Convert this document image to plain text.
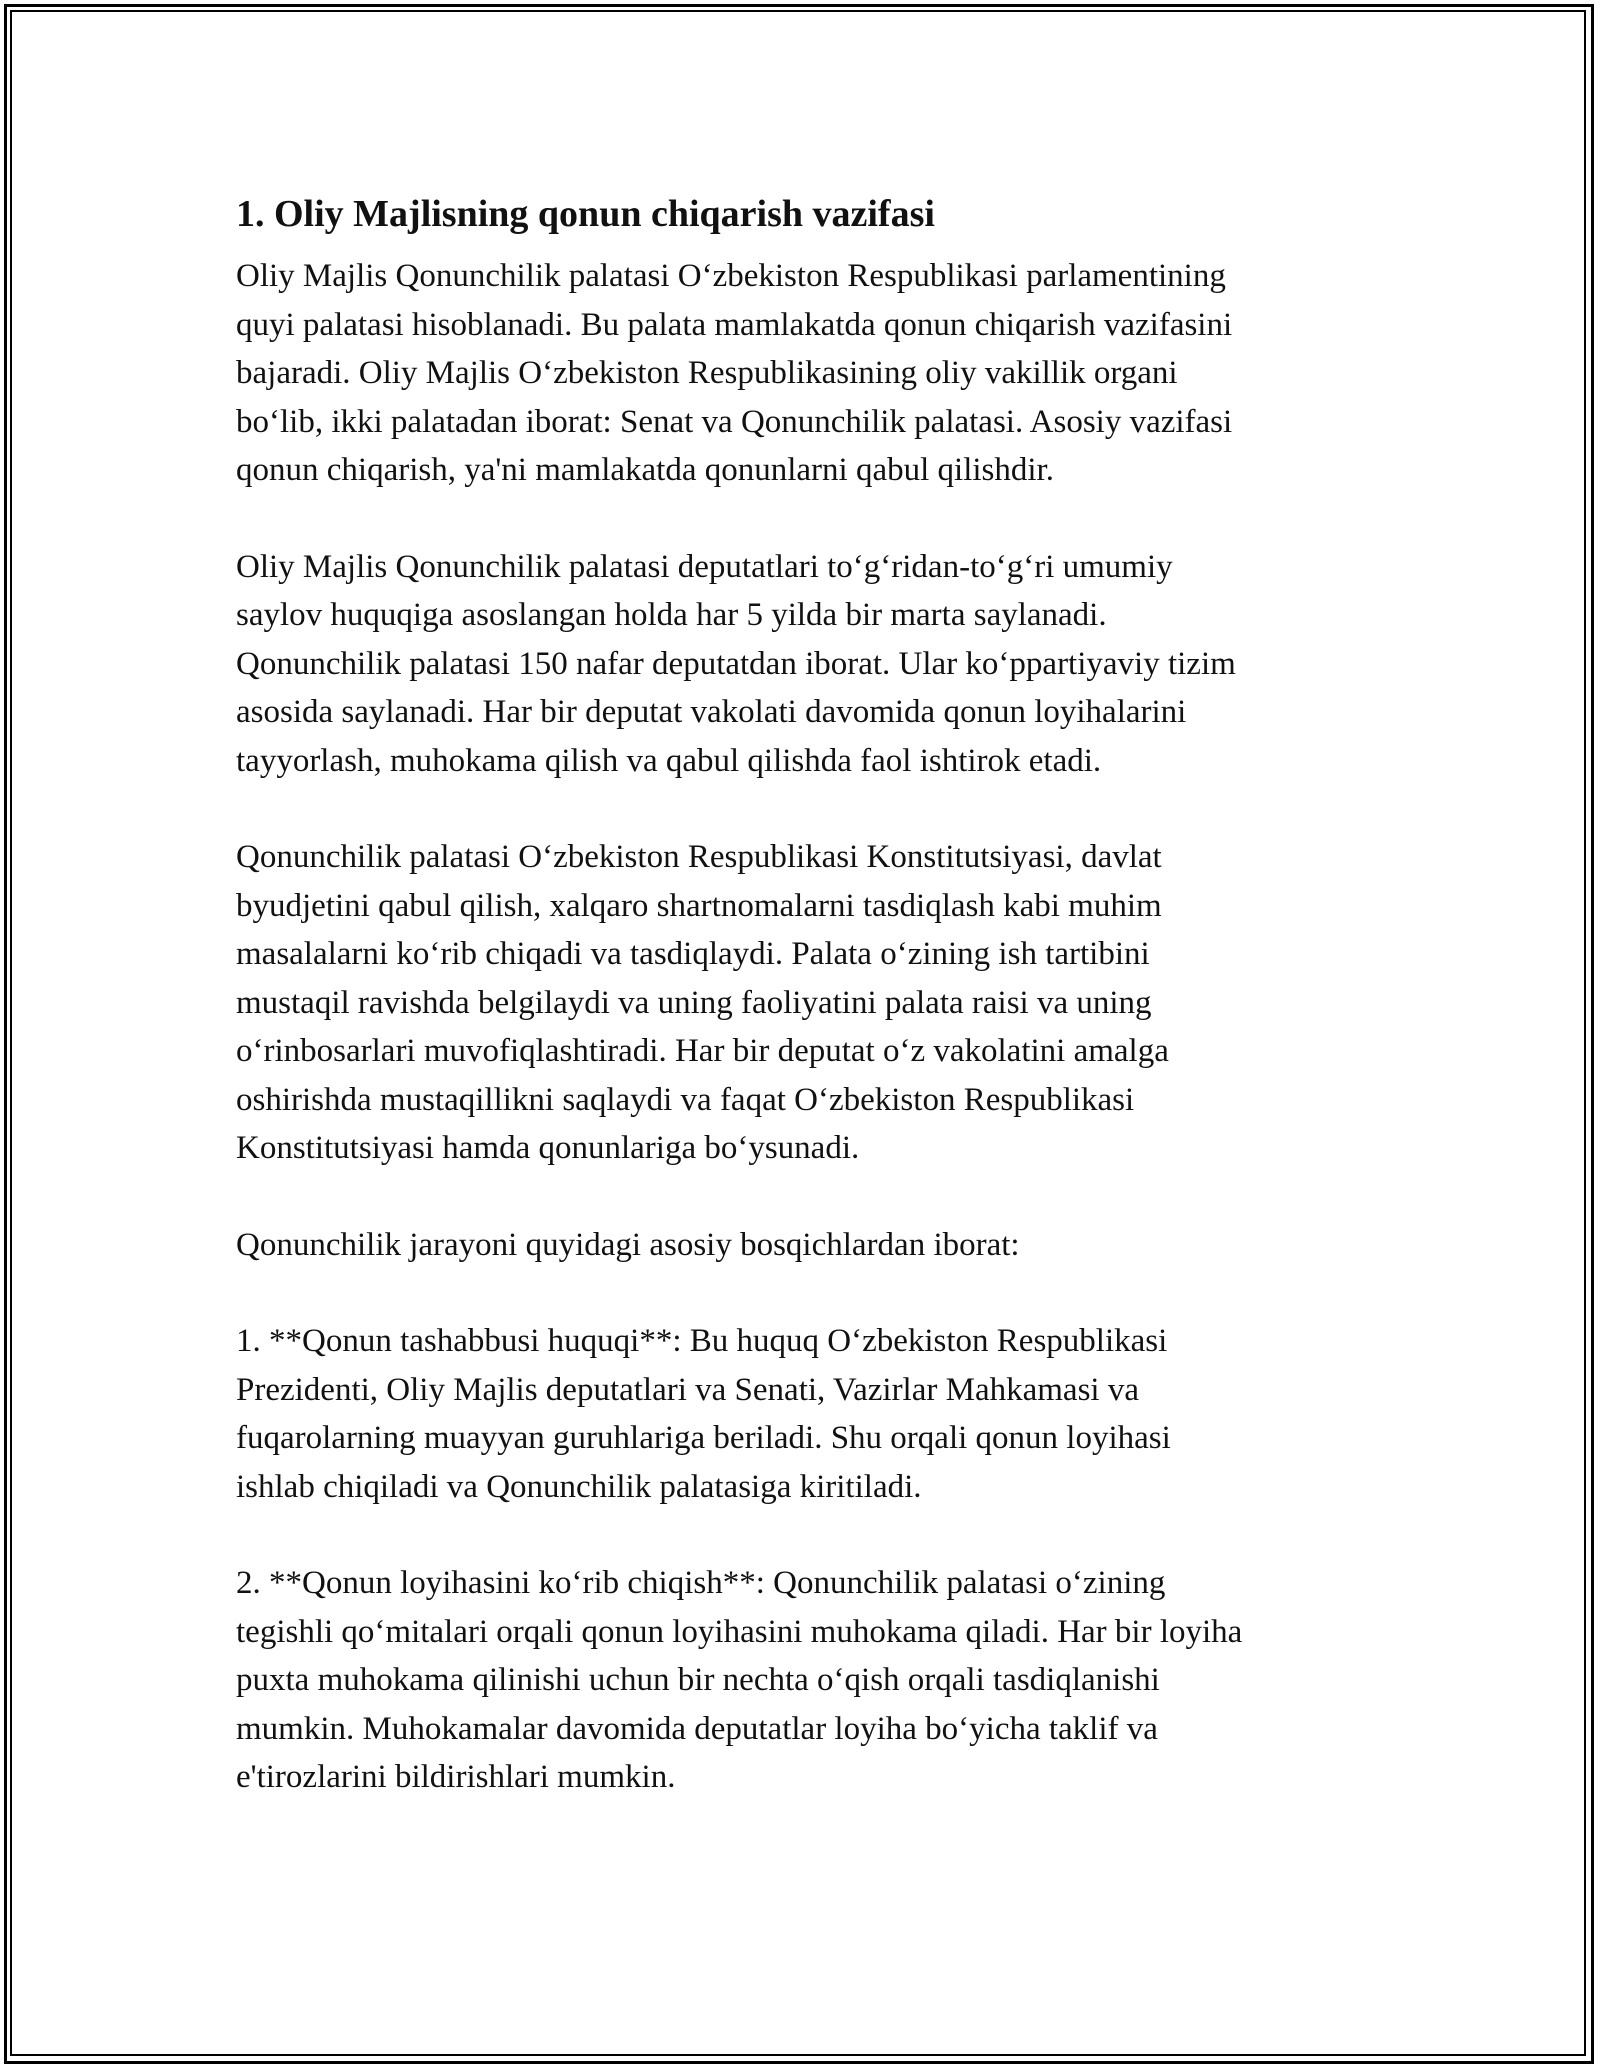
1. Oliy Majlisning qonun chiqarish vazifasi

Oliy Majlis Qonunchilik palatasi O‘zbekiston Respublikasi parlamentining
quyi palatasi hisoblanadi. Bu palata mamlakatda qonun chiqarish vazifasini
bajaradi. Oliy Majlis O‘zbekiston Respublikasining oliy vakillik organi
bo‘lib, ikki palatadan iborat: Senat va Qonunchilik palatasi. Asosiy vazifasi
qonun chiqarish, ya'ni mamlakatda qonunlarni qabul qilishdir.

Oliy Majlis Qonunchilik palatasi deputatlari to‘g‘ridan-to‘g‘ri umumiy
saylov huquqiga asoslangan holda har 5 yilda bir marta saylanadi.
Qonunchilik palatasi 150 nafar deputatdan iborat. Ular ko‘ppartiyaviy tizim
asosida saylanadi. Har bir deputat vakolati davomida qonun loyihalarini
tayyorlash, muhokama qilish va qabul qilishda faol ishtirok etadi.

Qonunchilik palatasi O‘zbekiston Respublikasi Konstitutsiyasi, davlat
byudjetini qabul qilish, xalqaro shartnomalarni tasdiqlash kabi muhim
masalalarni ko‘rib chiqadi va tasdiqlaydi. Palata o‘zining ish tartibini
mustaqil ravishda belgilaydi va uning faoliyatini palata raisi va uning
o‘rinbosarlari muvofiqlashtiradi. Har bir deputat o‘z vakolatini amalga
oshirishda mustaqillikni saqlaydi va faqat O‘zbekiston Respublikasi
Konstitutsiyasi hamda qonunlariga bo‘ysunadi.

Qonunchilik jarayoni quyidagi asosiy bosqichlardan iborat:

1. **Qonun tashabbusi huquqi**: Bu huquq O‘zbekiston Respublikasi
Prezidenti, Oliy Majlis deputatlari va Senati, Vazirlar Mahkamasi va
fuqarolarning muayyan guruhlariga beriladi. Shu orqali qonun loyihasi
ishlab chiqiladi va Qonunchilik palatasiga kiritiladi.

2. **Qonun loyihasini ko‘rib chiqish**: Qonunchilik palatasi o‘zining
tegishli qo‘mitalari orqali qonun loyihasini muhokama qiladi. Har bir loyiha
puxta muhokama qilinishi uchun bir nechta o‘qish orqali tasdiqlanishi
mumkin. Muhokamalar davomida deputatlar loyiha bo‘yicha taklif va
e'tirozlarini bildirishlari mumkin.
